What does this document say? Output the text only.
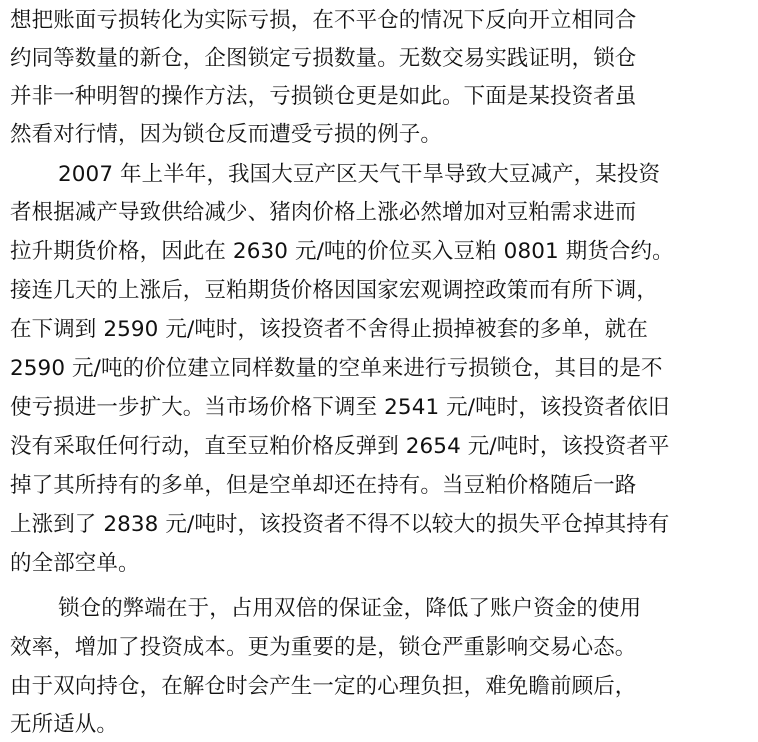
想把账面亏损转化为实际亏损，在不平仓的情况下反向开立相同合
约同等数量的新仓，企图锁定亏损数量。无数交易实践证明，锁仓
并非一种明智的操作方法，亏损锁仓更是如此。下面是某投资者虽
然看对行情，因为锁仓反而遭受亏损的例子。
2007 年上半年，我国大豆产区天气干旱导致大豆减产，某投资
者根据减产导致供给减少、猪肉价格上涨必然增加对豆粕需求进而
拉升期货价格，因此在 2630 元/吨的价位买入豆粕 0801 期货合约。
接连几天的上涨后，豆粕期货价格因国家宏观调控政策而有所下调，
在下调到 2590 元/吨时，该投资者不舍得止损掉被套的多单，就在
2590 元/吨的价位建立同样数量的空单来进行亏损锁仓，其目的是不
使亏损进一步扩大。当市场价格下调至 2541 元/吨时，该投资者依旧
没有采取任何行动，直至豆粕价格反弹到 2654 元/吨时，该投资者平
掉了其所持有的多单，但是空单却还在持有。当豆粕价格随后一路
上涨到了 2838 元/吨时，该投资者不得不以较大的损失平仓掉其持有
的全部空单。
锁仓的弊端在于，占用双倍的保证金，降低了账户资金的使用
效率，增加了投资成本。更为重要的是，锁仓严重影响交易心态。
由于双向持仓，在解仓时会产生一定的心理负担，难免瞻前顾后，
无所适从。
